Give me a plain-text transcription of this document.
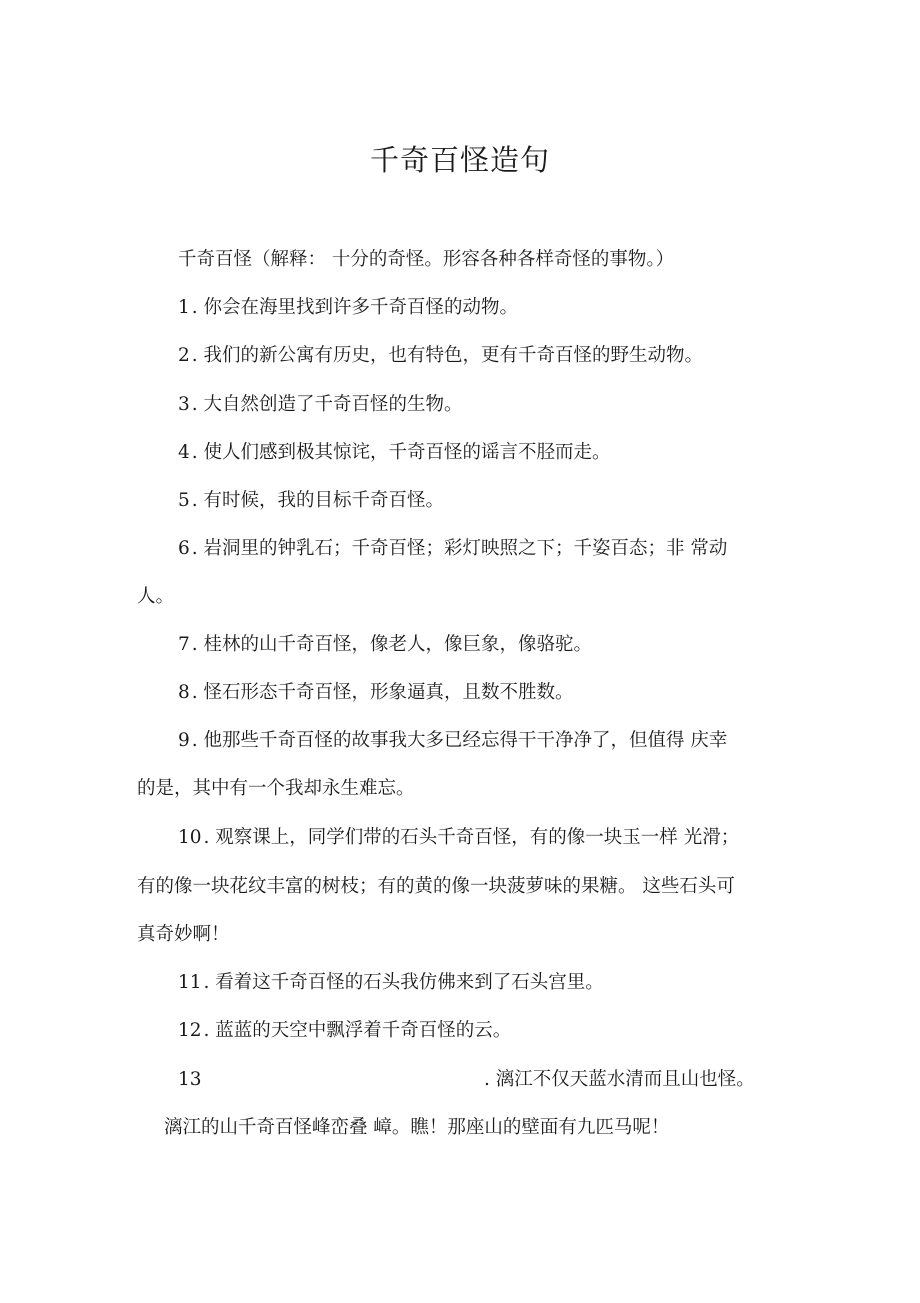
千奇百怪造句
千奇百怪（解释： 十分的奇怪。形容各种各样奇怪的事物。）
1 . 你会在海里找到许多千奇百怪的动物。
2 . 我们的新公寓有历史，也有特色，更有千奇百怪的野生动物。
3 . 大自然创造了千奇百怪的生物。
4 . 使人们感到极其惊诧，千奇百怪的谣言不胫而走。
5 . 有时候，我的目标千奇百怪。
6 . 岩洞里的钟乳石；千奇百怪；彩灯映照之下；千姿百态；非 常动
人。
7 . 桂林的山千奇百怪，像老人，像巨象，像骆驼。
8 . 怪石形态千奇百怪，形象逼真，且数不胜数。
9 . 他那些千奇百怪的故事我大多已经忘得干干净净了，但值得 庆幸
的是，其中有一个我却永生难忘。
10 . 观察课上，同学们带的石头千奇百怪，有的像一块玉一样 光滑；
有的像一块花纹丰富的树枝；有的黄的像一块菠萝味的果糖。 这些石头可
真奇妙啊！
11 . 看着这千奇百怪的石头我仿佛来到了石头宫里。
12 . 蓝蓝的天空中飘浮着千奇百怪的云。
13	. 漓江不仅天蓝水清而且山也怪。
漓江的山千奇百怪峰峦叠 嶂。瞧！那座山的壁面有九匹马呢！
